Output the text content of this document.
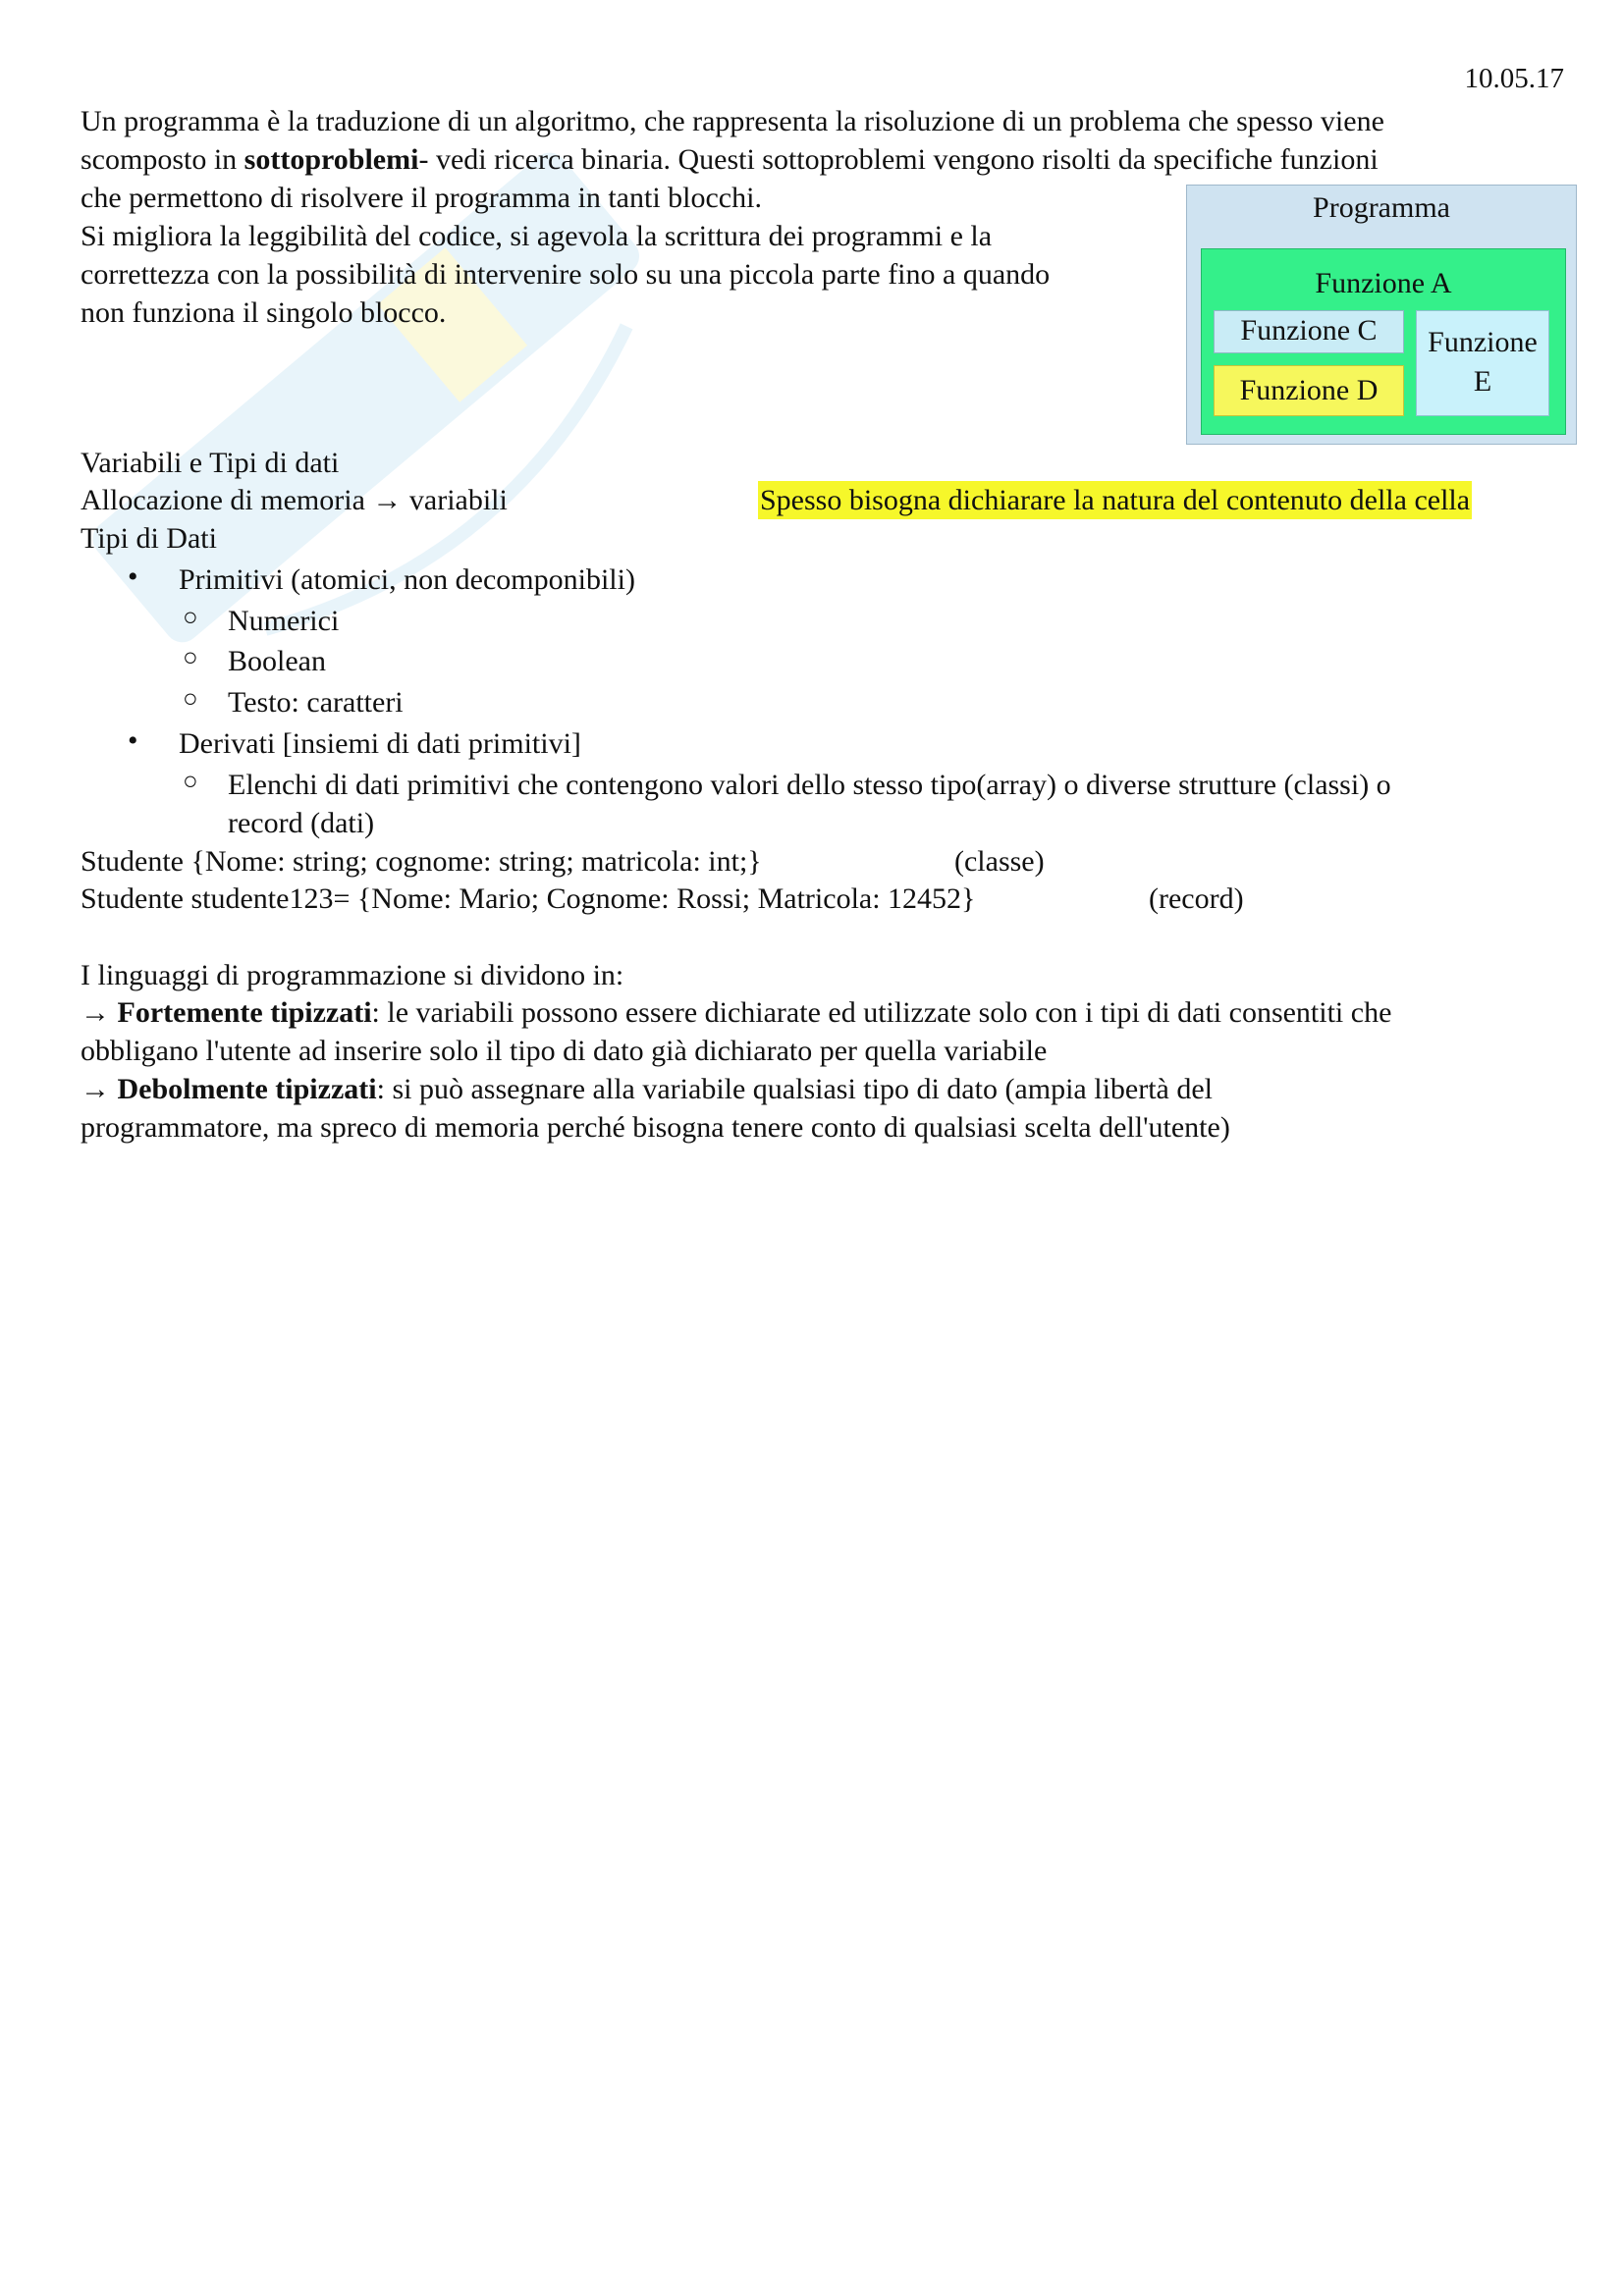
10.05.17
Un programma è la traduzione di un algoritmo, che rappresenta la risoluzione di un problema che spesso viene
scomposto in sottoproblemi- vedi ricerca binaria. Questi sottoproblemi vengono risolti da specifiche funzioni
che permettono di risolvere il programma in tanti blocchi.
Si migliora la leggibilità del codice, si agevola la scrittura dei programmi e la
correttezza con la possibilità di intervenire solo su una piccola parte fino a quando
non funziona il singolo blocco.
Programma
Funzione A
Funzione C
Funzione D
Funzione
E
Variabili e Tipi di dati
Allocazione di memoria → variabili	Spesso bisogna dichiarare la natura del contenuto della cella
Tipi di Dati
• Primitivi (atomici, non decomponibili)
○ Numerici
○ Boolean
○ Testo: caratteri
• Derivati [insiemi di dati primitivi]
○ Elenchi di dati primitivi che contengono valori dello stesso tipo(array) o diverse strutture (classi) o
record (dati)
Studente {Nome: string; cognome: string; matricola: int;}	(classe)
Studente studente123= {Nome: Mario; Cognome: Rossi; Matricola: 12452}	(record)
I linguaggi di programmazione si dividono in:
→ Fortemente tipizzati: le variabili possono essere dichiarate ed utilizzate solo con i tipi di dati consentiti che
obbligano l'utente ad inserire solo il tipo di dato già dichiarato per quella variabile
→ Debolmente tipizzati: si può assegnare alla variabile qualsiasi tipo di dato (ampia libertà del
programmatore, ma spreco di memoria perché bisogna tenere conto di qualsiasi scelta dell'utente)
